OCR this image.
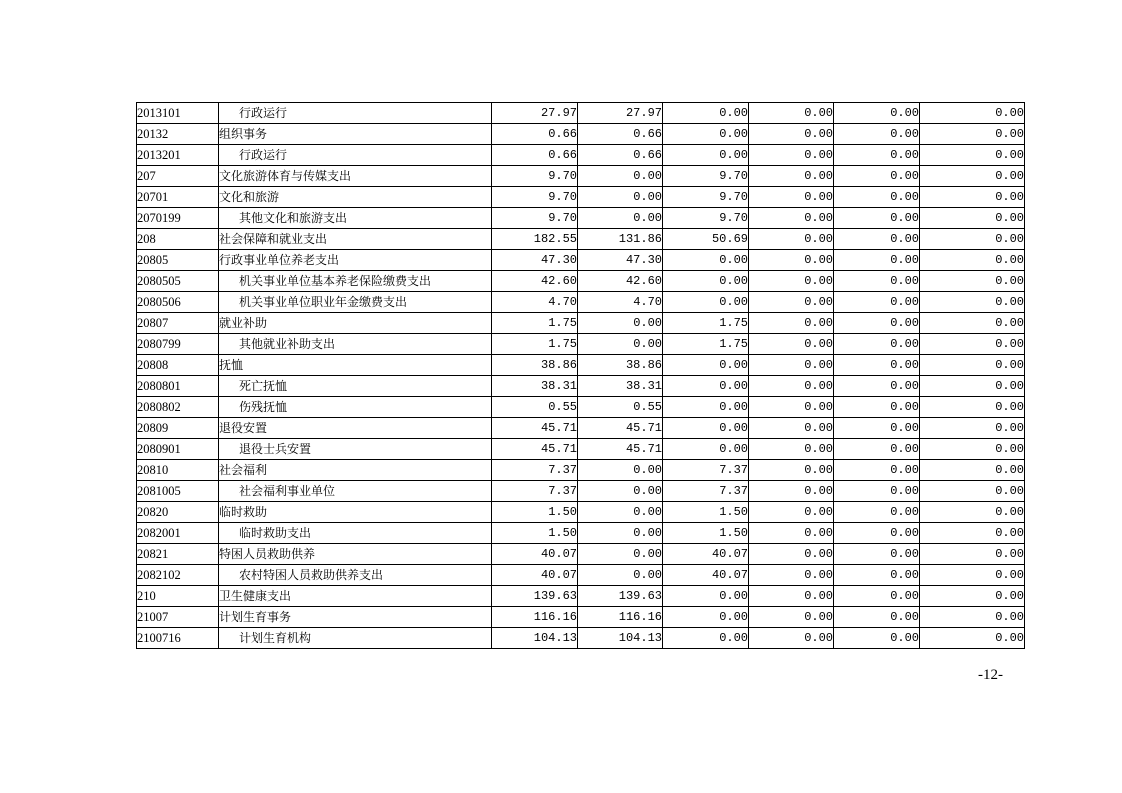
2013101	行政运行	27.97	27.97	0.00	0.00	0.00	0.00
20132	组织事务	0.66	0.66	0.00	0.00	0.00	0.00
2013201	行政运行	0.66	0.66	0.00	0.00	0.00	0.00
207	文化旅游体育与传媒支出	9.70	0.00	9.70	0.00	0.00	0.00
20701	文化和旅游	9.70	0.00	9.70	0.00	0.00	0.00
2070199	其他文化和旅游支出	9.70	0.00	9.70	0.00	0.00	0.00
208	社会保障和就业支出	182.55	131.86	50.69	0.00	0.00	0.00
20805	行政事业单位养老支出	47.30	47.30	0.00	0.00	0.00	0.00
2080505	机关事业单位基本养老保险缴费支出	42.60	42.60	0.00	0.00	0.00	0.00
2080506	机关事业单位职业年金缴费支出	4.70	4.70	0.00	0.00	0.00	0.00
20807	就业补助	1.75	0.00	1.75	0.00	0.00	0.00
2080799	其他就业补助支出	1.75	0.00	1.75	0.00	0.00	0.00
20808	抚恤	38.86	38.86	0.00	0.00	0.00	0.00
2080801	死亡抚恤	38.31	38.31	0.00	0.00	0.00	0.00
2080802	伤残抚恤	0.55	0.55	0.00	0.00	0.00	0.00
20809	退役安置	45.71	45.71	0.00	0.00	0.00	0.00
2080901	退役士兵安置	45.71	45.71	0.00	0.00	0.00	0.00
20810	社会福利	7.37	0.00	7.37	0.00	0.00	0.00
2081005	社会福利事业单位	7.37	0.00	7.37	0.00	0.00	0.00
20820	临时救助	1.50	0.00	1.50	0.00	0.00	0.00
2082001	临时救助支出	1.50	0.00	1.50	0.00	0.00	0.00
20821	特困人员救助供养	40.07	0.00	40.07	0.00	0.00	0.00
2082102	农村特困人员救助供养支出	40.07	0.00	40.07	0.00	0.00	0.00
210	卫生健康支出	139.63	139.63	0.00	0.00	0.00	0.00
21007	计划生育事务	116.16	116.16	0.00	0.00	0.00	0.00
2100716	计划生育机构	104.13	104.13	0.00	0.00	0.00	0.00
-12-
